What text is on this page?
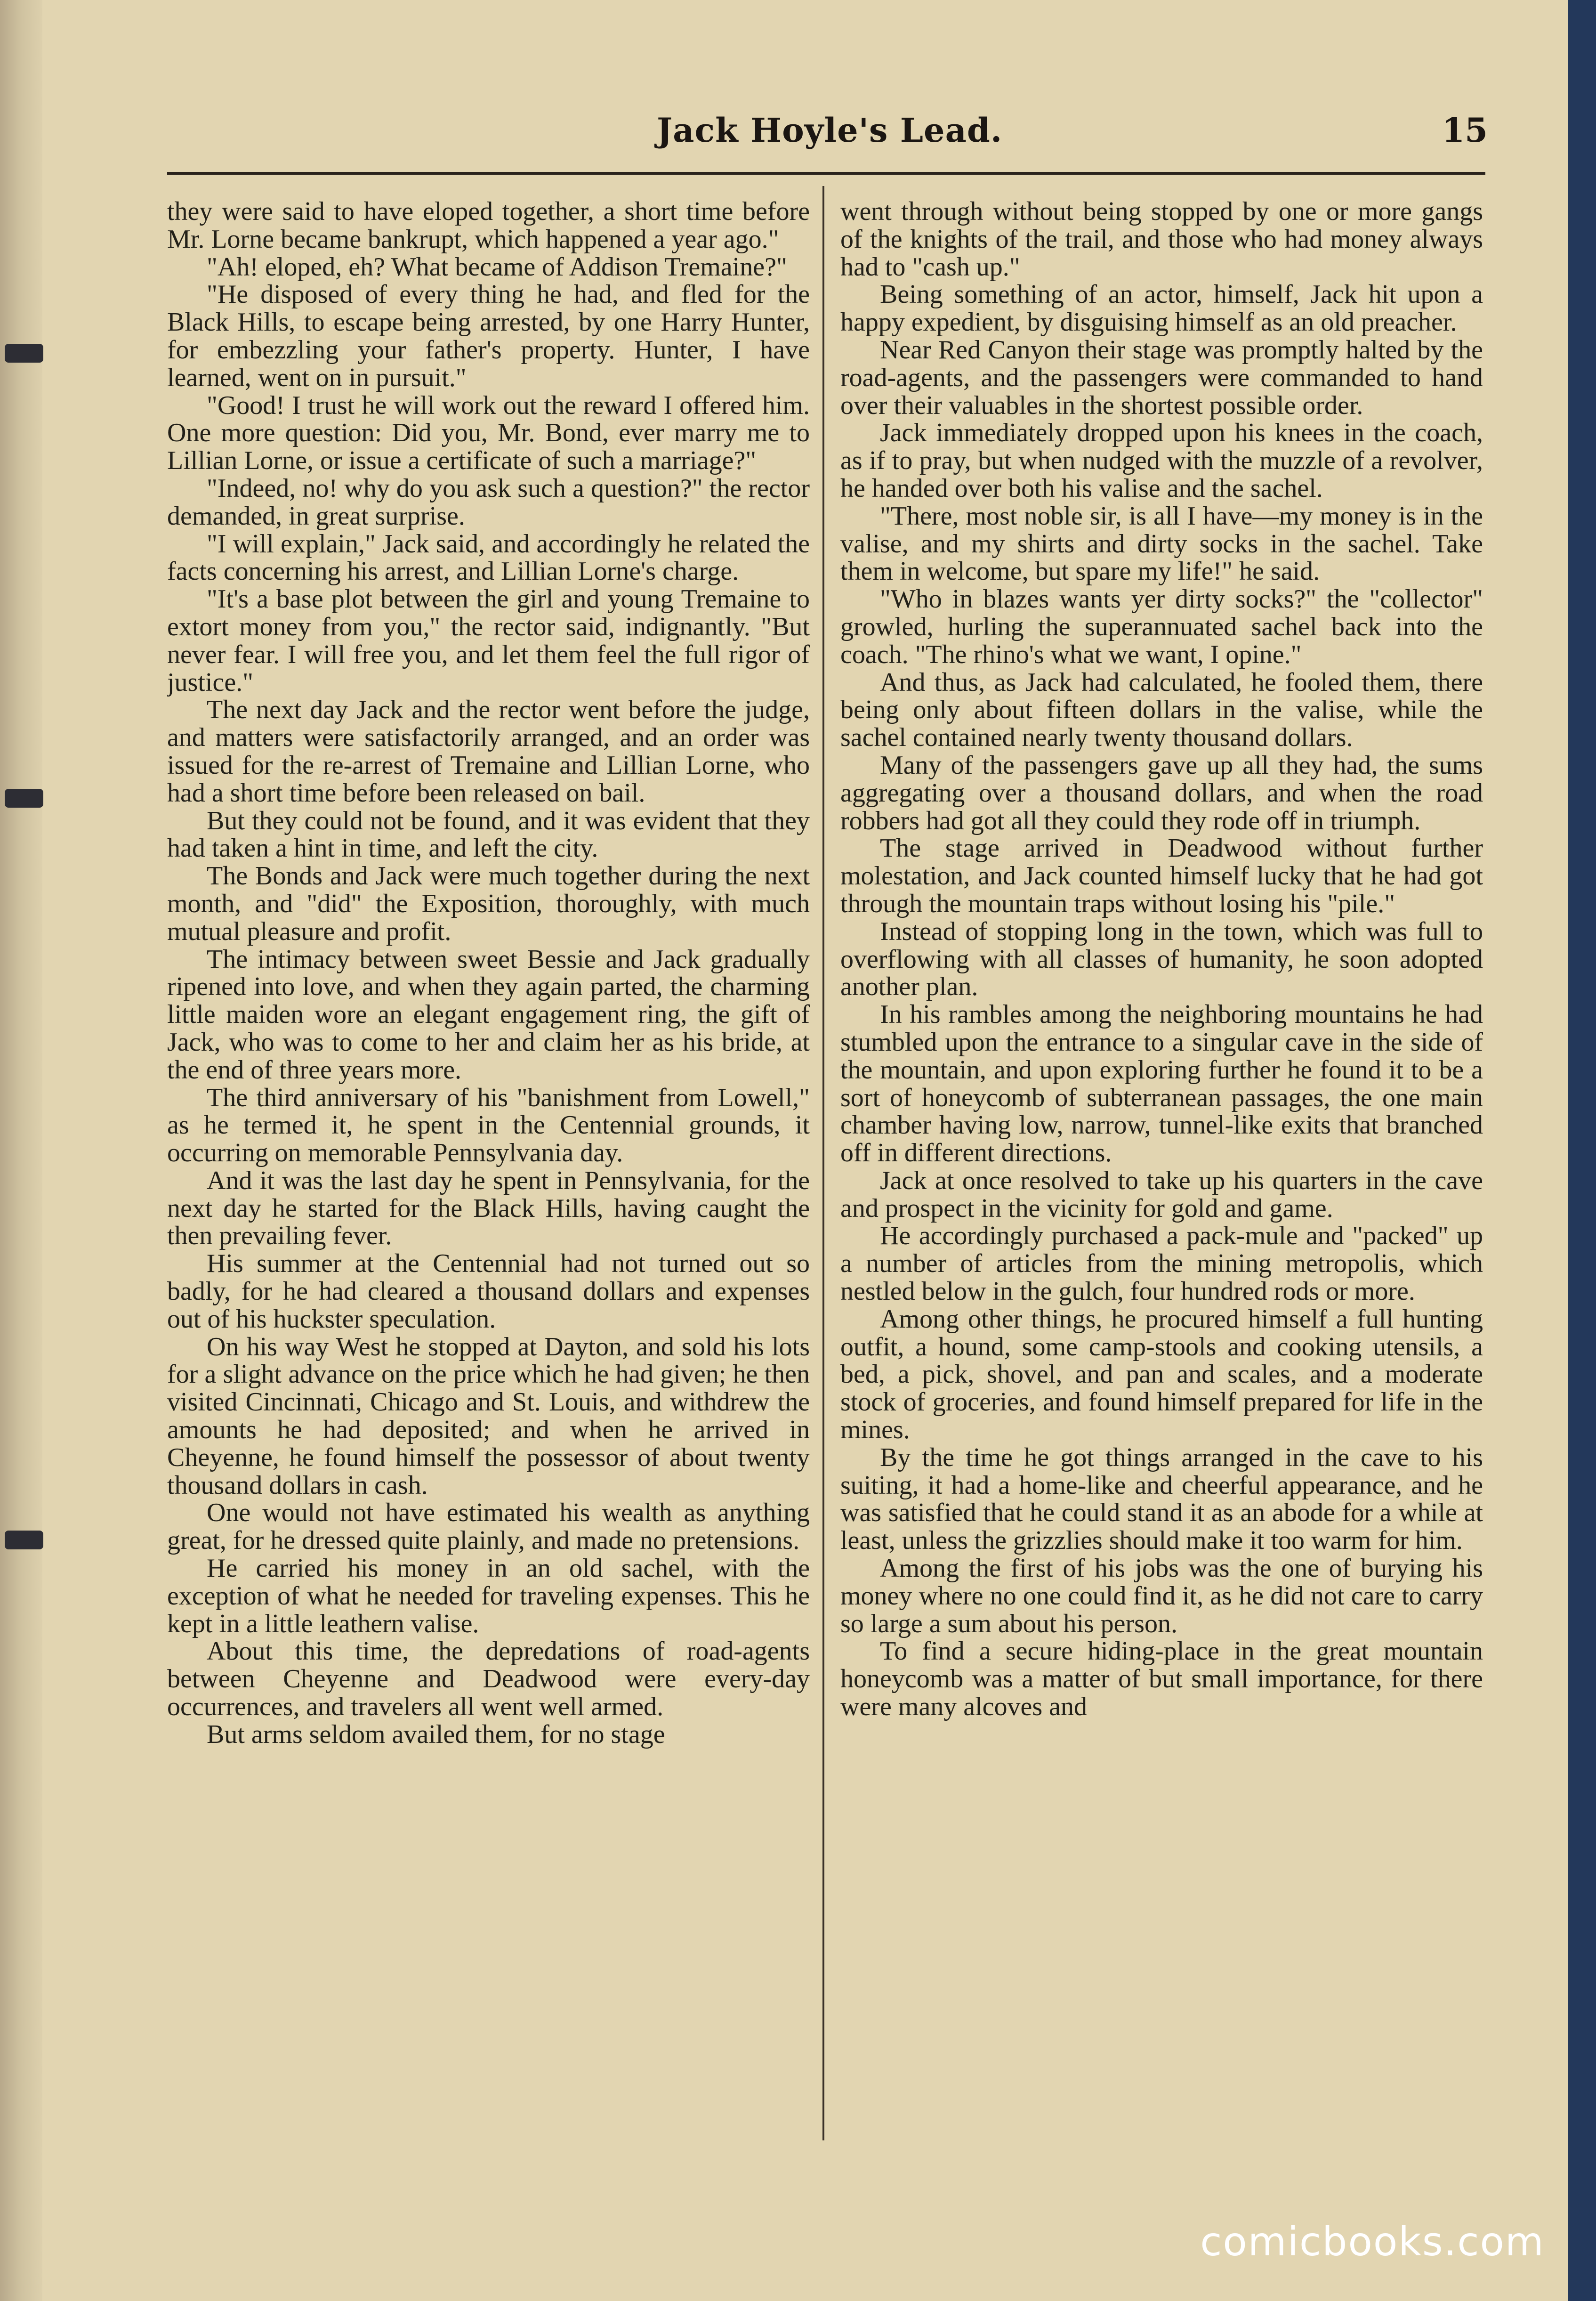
Jack Hoyle's Lead.	15

they were said to have eloped together, a short time before Mr. Lorne became bankrupt, which happened a year ago."

"Ah! eloped, eh? What became of Addison Tremaine?"

"He disposed of every thing he had, and fled for the Black Hills, to escape being arrested, by one Harry Hunter, for embezzling your father's property. Hunter, I have learned, went on in pursuit."

"Good! I trust he will work out the reward I offered him. One more question: Did you, Mr. Bond, ever marry me to Lillian Lorne, or issue a certificate of such a marriage?"

"Indeed, no! why do you ask such a question?" the rector demanded, in great surprise.

"I will explain," Jack said, and accordingly he related the facts concerning his arrest, and Lillian Lorne's charge.

"It's a base plot between the girl and young Tremaine to extort money from you," the rector said, indignantly. "But never fear. I will free you, and let them feel the full rigor of justice."

The next day Jack and the rector went before the judge, and matters were satisfactorily arranged, and an order was issued for the re-arrest of Tremaine and Lillian Lorne, who had a short time before been released on bail.

But they could not be found, and it was evident that they had taken a hint in time, and left the city.

The Bonds and Jack were much together during the next month, and "did" the Exposition, thoroughly, with much mutual pleasure and profit.

The intimacy between sweet Bessie and Jack gradually ripened into love, and when they again parted, the charming little maiden wore an elegant engagement ring, the gift of Jack, who was to come to her and claim her as his bride, at the end of three years more.

The third anniversary of his "banishment from Lowell," as he termed it, he spent in the Centennial grounds, it occurring on memorable Pennsylvania day.

And it was the last day he spent in Pennsylvania, for the next day he started for the Black Hills, having caught the then prevailing fever.

His summer at the Centennial had not turned out so badly, for he had cleared a thousand dollars and expenses out of his huckster speculation.

On his way West he stopped at Dayton, and sold his lots for a slight advance on the price which he had given; he then visited Cincinnati, Chicago and St. Louis, and withdrew the amounts he had deposited; and when he arrived in Cheyenne, he found himself the possessor of about twenty thousand dollars in cash.

One would not have estimated his wealth as anything great, for he dressed quite plainly, and made no pretensions.

He carried his money in an old sachel, with the exception of what he needed for traveling expenses. This he kept in a little leathern valise.

About this time, the depredations of road-agents between Cheyenne and Deadwood were every-day occurrences, and travelers all went well armed.

But arms seldom availed them, for no stage

went through without being stopped by one or more gangs of the knights of the trail, and those who had money always had to "cash up."

Being something of an actor, himself, Jack hit upon a happy expedient, by disguising himself as an old preacher.

Near Red Canyon their stage was promptly halted by the road-agents, and the passengers were commanded to hand over their valuables in the shortest possible order.

Jack immediately dropped upon his knees in the coach, as if to pray, but when nudged with the muzzle of a revolver, he handed over both his valise and the sachel.

"There, most noble sir, is all I have—my money is in the valise, and my shirts and dirty socks in the sachel. Take them in welcome, but spare my life!" he said.

"Who in blazes wants yer dirty socks?" the "collector" growled, hurling the superannuated sachel back into the coach. "The rhino's what we want, I opine."

And thus, as Jack had calculated, he fooled them, there being only about fifteen dollars in the valise, while the sachel contained nearly twenty thousand dollars.

Many of the passengers gave up all they had, the sums aggregating over a thousand dollars, and when the road robbers had got all they could they rode off in triumph.

The stage arrived in Deadwood without further molestation, and Jack counted himself lucky that he had got through the mountain traps without losing his "pile."

Instead of stopping long in the town, which was full to overflowing with all classes of humanity, he soon adopted another plan.

In his rambles among the neighboring mountains he had stumbled upon the entrance to a singular cave in the side of the mountain, and upon exploring further he found it to be a sort of honeycomb of subterranean passages, the one main chamber having low, narrow, tunnel-like exits that branched off in different directions.

Jack at once resolved to take up his quarters in the cave and prospect in the vicinity for gold and game.

He accordingly purchased a pack-mule and "packed" up a number of articles from the mining metropolis, which nestled below in the gulch, four hundred rods or more.

Among other things, he procured himself a full hunting outfit, a hound, some camp-stools and cooking utensils, a bed, a pick, shovel, and pan and scales, and a moderate stock of groceries, and found himself prepared for life in the mines.

By the time he got things arranged in the cave to his suiting, it had a home-like and cheerful appearance, and he was satisfied that he could stand it as an abode for a while at least, unless the grizzlies should make it too warm for him.

Among the first of his jobs was the one of burying his money where no one could find it, as he did not care to carry so large a sum about his person.

To find a secure hiding-place in the great mountain honeycomb was a matter of but small importance, for there were many alcoves and

comicbooks.com
